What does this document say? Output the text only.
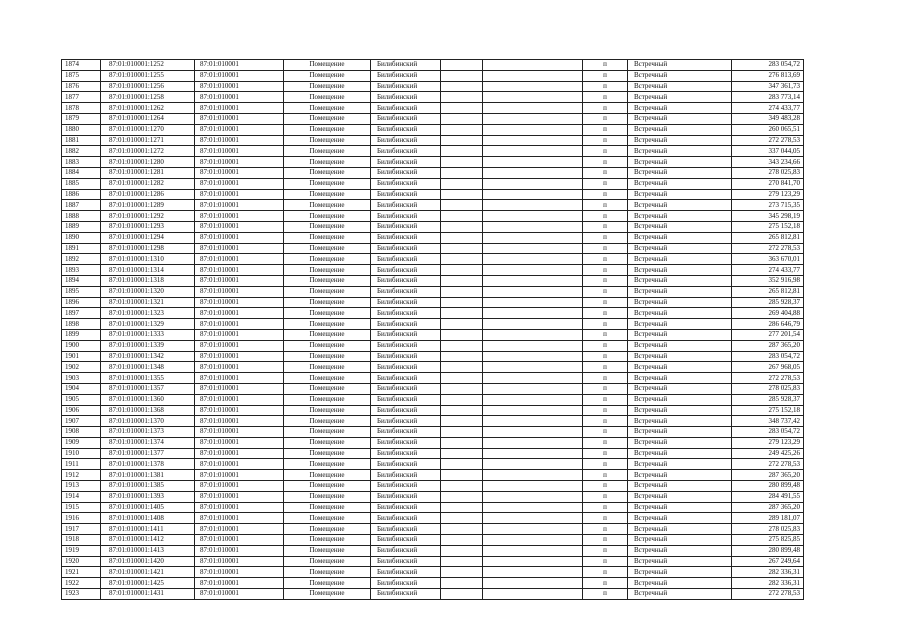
1874	87:01:010001:1252	87:01:010001	Помещение	Билибинский			п	Встречный	283 054,72
1875	87:01:010001:1255	87:01:010001	Помещение	Билибинский			п	Встречный	276 813,69
1876	87:01:010001:1256	87:01:010001	Помещение	Билибинский			п	Встречный	347 361,73
1877	87:01:010001:1258	87:01:010001	Помещение	Билибинский			п	Встречный	283 773,14
1878	87:01:010001:1262	87:01:010001	Помещение	Билибинский			п	Встречный	274 433,77
1879	87:01:010001:1264	87:01:010001	Помещение	Билибинский			п	Встречный	349 483,28
1880	87:01:010001:1270	87:01:010001	Помещение	Билибинский			п	Встречный	260 065,51
1881	87:01:010001:1271	87:01:010001	Помещение	Билибинский			п	Встречный	272 278,53
1882	87:01:010001:1272	87:01:010001	Помещение	Билибинский			п	Встречный	337 044,05
1883	87:01:010001:1280	87:01:010001	Помещение	Билибинский			п	Встречный	343 234,66
1884	87:01:010001:1281	87:01:010001	Помещение	Билибинский			п	Встречный	278 025,83
1885	87:01:010001:1282	87:01:010001	Помещение	Билибинский			п	Встречный	270 841,70
1886	87:01:010001:1286	87:01:010001	Помещение	Билибинский			п	Встречный	279 123,29
1887	87:01:010001:1289	87:01:010001	Помещение	Билибинский			п	Встречный	273 715,35
1888	87:01:010001:1292	87:01:010001	Помещение	Билибинский			п	Встречный	345 298,19
1889	87:01:010001:1293	87:01:010001	Помещение	Билибинский			п	Встречный	275 152,18
1890	87:01:010001:1294	87:01:010001	Помещение	Билибинский			п	Встречный	265 812,81
1891	87:01:010001:1298	87:01:010001	Помещение	Билибинский			п	Встречный	272 278,53
1892	87:01:010001:1310	87:01:010001	Помещение	Билибинский			п	Встречный	363 670,01
1893	87:01:010001:1314	87:01:010001	Помещение	Билибинский			п	Встречный	274 433,77
1894	87:01:010001:1318	87:01:010001	Помещение	Билибинский			п	Встречный	352 916,98
1895	87:01:010001:1320	87:01:010001	Помещение	Билибинский			п	Встречный	265 812,81
1896	87:01:010001:1321	87:01:010001	Помещение	Билибинский			п	Встречный	285 928,37
1897	87:01:010001:1323	87:01:010001	Помещение	Билибинский			п	Встречный	269 404,88
1898	87:01:010001:1329	87:01:010001	Помещение	Билибинский			п	Встречный	286 646,79
1899	87:01:010001:1333	87:01:010001	Помещение	Билибинский			п	Встречный	277 201,54
1900	87:01:010001:1339	87:01:010001	Помещение	Билибинский			п	Встречный	287 365,20
1901	87:01:010001:1342	87:01:010001	Помещение	Билибинский			п	Встречный	283 054,72
1902	87:01:010001:1348	87:01:010001	Помещение	Билибинский			п	Встречный	267 968,05
1903	87:01:010001:1355	87:01:010001	Помещение	Билибинский			п	Встречный	272 278,53
1904	87:01:010001:1357	87:01:010001	Помещение	Билибинский			п	Встречный	278 025,83
1905	87:01:010001:1360	87:01:010001	Помещение	Билибинский			п	Встречный	285 928,37
1906	87:01:010001:1368	87:01:010001	Помещение	Билибинский			п	Встречный	275 152,18
1907	87:01:010001:1370	87:01:010001	Помещение	Билибинский			п	Встречный	348 737,42
1908	87:01:010001:1373	87:01:010001	Помещение	Билибинский			п	Встречный	283 054,72
1909	87:01:010001:1374	87:01:010001	Помещение	Билибинский			п	Встречный	279 123,29
1910	87:01:010001:1377	87:01:010001	Помещение	Билибинский			п	Встречный	249 425,26
1911	87:01:010001:1378	87:01:010001	Помещение	Билибинский			п	Встречный	272 278,53
1912	87:01:010001:1381	87:01:010001	Помещение	Билибинский			п	Встречный	287 365,20
1913	87:01:010001:1385	87:01:010001	Помещение	Билибинский			п	Встречный	280 899,48
1914	87:01:010001:1393	87:01:010001	Помещение	Билибинский			п	Встречный	284 491,55
1915	87:01:010001:1405	87:01:010001	Помещение	Билибинский			п	Встречный	287 365,20
1916	87:01:010001:1408	87:01:010001	Помещение	Билибинский			п	Встречный	289 181,07
1917	87:01:010001:1411	87:01:010001	Помещение	Билибинский			п	Встречный	278 025,83
1918	87:01:010001:1412	87:01:010001	Помещение	Билибинский			п	Встречный	275 825,85
1919	87:01:010001:1413	87:01:010001	Помещение	Билибинский			п	Встречный	280 899,48
1920	87:01:010001:1420	87:01:010001	Помещение	Билибинский			п	Встречный	267 249,64
1921	87:01:010001:1421	87:01:010001	Помещение	Билибинский			п	Встречный	282 336,31
1922	87:01:010001:1425	87:01:010001	Помещение	Билибинский			п	Встречный	282 336,31
1923	87:01:010001:1431	87:01:010001	Помещение	Билибинский			п	Встречный	272 278,53
